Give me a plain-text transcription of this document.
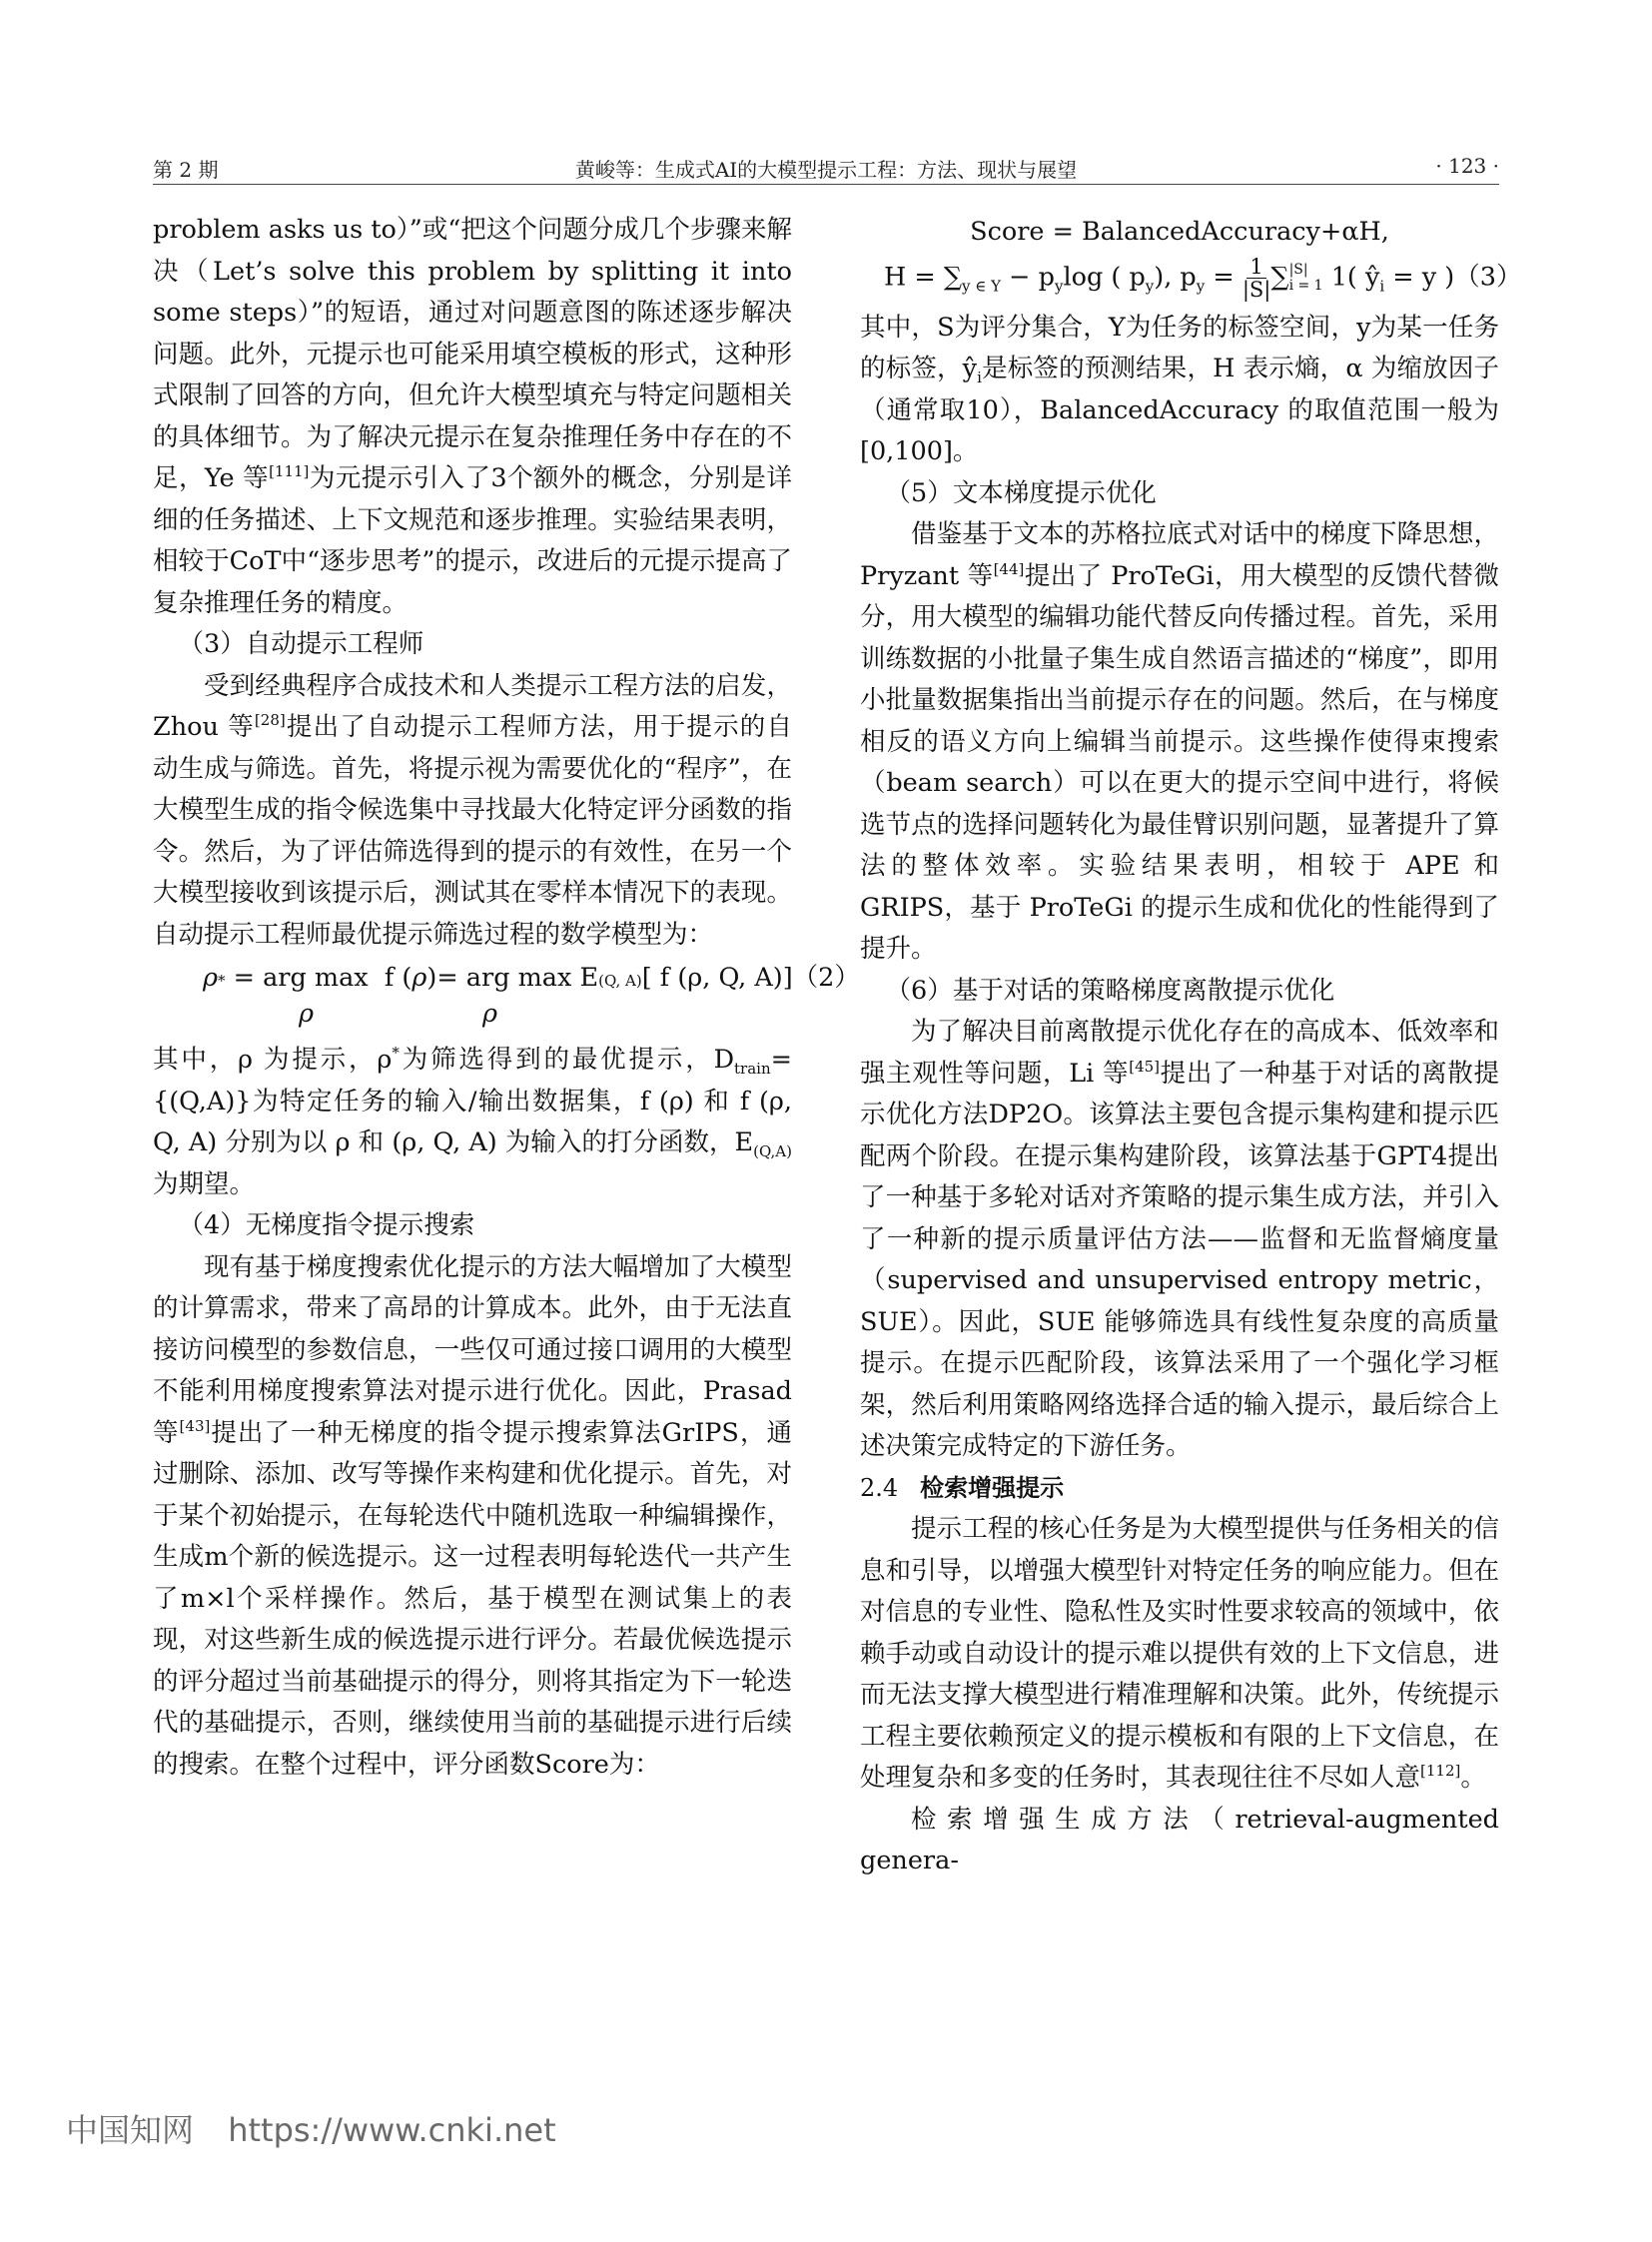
第 2 期	黄峻等：生成式AI的大模型提示工程：方法、现状与展望	· 123 ·

problem asks us to）”或“把这个问题分成几个步骤来解决（Let’s solve this problem by splitting it into some steps）”的短语，通过对问题意图的陈述逐步解决问题。此外，元提示也可能采用填空模板的形式，这种形式限制了回答的方向，但允许大模型填充与特定问题相关的具体细节。为了解决元提示在复杂推理任务中存在的不足，Ye 等[111]为元提示引入了3个额外的概念，分别是详细的任务描述、上下文规范和逐步推理。实验结果表明，相较于CoT中“逐步思考”的提示，改进后的元提示提高了复杂推理任务的精度。

（3）自动提示工程师

受到经典程序合成技术和人类提示工程方法的启发，Zhou 等[28]提出了自动提示工程师方法，用于提示的自动生成与筛选。首先，将提示视为需要优化的“程序”，在大模型生成的指令候选集中寻找最大化特定评分函数的指令。然后，为了评估筛选得到的提示的有效性，在另一个大模型接收到该提示后，测试其在零样本情况下的表现。自动提示工程师最优提示筛选过程的数学模型为：

ρ * = arg max  f ( ρ )= arg max E (Q, A) [ f (ρ, Q, A)] （2）
ρ	ρ

其中，ρ 为提示，ρ*为筛选得到的最优提示，$D_{train}= \{(Q,A)\}$为特定任务的输入/输出数据集，f (ρ) 和 f (ρ, Q, A) 分别为以 ρ 和 (ρ, Q, A) 为输入的打分函数，$E_{(Q,A)}$为期望。

（4）无梯度指令提示搜索

现有基于梯度搜索优化提示的方法大幅增加了大模型的计算需求，带来了高昂的计算成本。此外，由于无法直接访问模型的参数信息，一些仅可通过接口调用的大模型不能利用梯度搜索算法对提示进行优化。因此，Prasad 等[43]提出了一种无梯度的指令提示搜索算法GrIPS，通过删除、添加、改写等操作来构建和优化提示。首先，对于某个初始提示，在每轮迭代中随机选取一种编辑操作，生成m个新的候选提示。这一过程表明每轮迭代一共产生了m×l个采样操作。然后，基于模型在测试集上的表现，对这些新生成的候选提示进行评分。若最优候选提示的评分超过当前基础提示的得分，则将其指定为下一轮迭代的基础提示，否则，继续使用当前的基础提示进行后续的搜索。在整个过程中，评分函数Score为：

Score = BalancedAccuracy+αH,
$H = \sum_{y \in Y} - p_y\log$ ( $p_y$), $p_y = \frac{1}{|S|}$ ∑ |S|
i = 1 1( $ŷ_i = y$ )（3）

其中，S为评分集合，Y为任务的标签空间，y为某一任务的标签，$ŷ_i$是标签的预测结果，H 表示熵，α 为缩放因子（通常取10），BalancedAccuracy 的取值范围一般为[0,100]。

（5）文本梯度提示优化

借鉴基于文本的苏格拉底式对话中的梯度下降思想，Pryzant 等[44]提出了 ProTeGi，用大模型的反馈代替微分，用大模型的编辑功能代替反向传播过程。首先，采用训练数据的小批量子集生成自然语言描述的“梯度”，即用小批量数据集指出当前提示存在的问题。然后，在与梯度相反的语义方向上编辑当前提示。这些操作使得束搜索（beam search）可以在更大的提示空间中进行，将候选节点的选择问题转化为最佳臂识别问题，显著提升了算法的整体效率。实验结果表明，相较于 APE 和 GRIPS，基于 ProTeGi 的提示生成和优化的性能得到了提升。

（6）基于对话的策略梯度离散提示优化

为了解决目前离散提示优化存在的高成本、低效率和强主观性等问题，Li 等[45]提出了一种基于对话的离散提示优化方法DP2O。该算法主要包含提示集构建和提示匹配两个阶段。在提示集构建阶段，该算法基于GPT4提出了一种基于多轮对话对齐策略的提示集生成方法，并引入了一种新的提示质量评估方法——监督和无监督熵度量（supervised and unsupervised entropy metric，SUE）。因此，SUE 能够筛选具有线性复杂度的高质量提示。在提示匹配阶段，该算法采用了一个强化学习框架，然后利用策略网络选择合适的输入提示，最后综合上述决策完成特定的下游任务。

2.4 检索增强提示

提示工程的核心任务是为大模型提供与任务相关的信息和引导，以增强大模型针对特定任务的响应能力。但在对信息的专业性、隐私性及实时性要求较高的领域中，依赖手动或自动设计的提示难以提供有效的上下文信息，进而无法支撑大模型进行精准理解和决策。此外，传统提示工程主要依赖预定义的提示模板和有限的上下文信息，在处理复杂和多变的任务时，其表现往往不尽如人意[112]。

检索增强生成方法（retrieval-augmented genera-

中国知网 https://www.cnki.net
